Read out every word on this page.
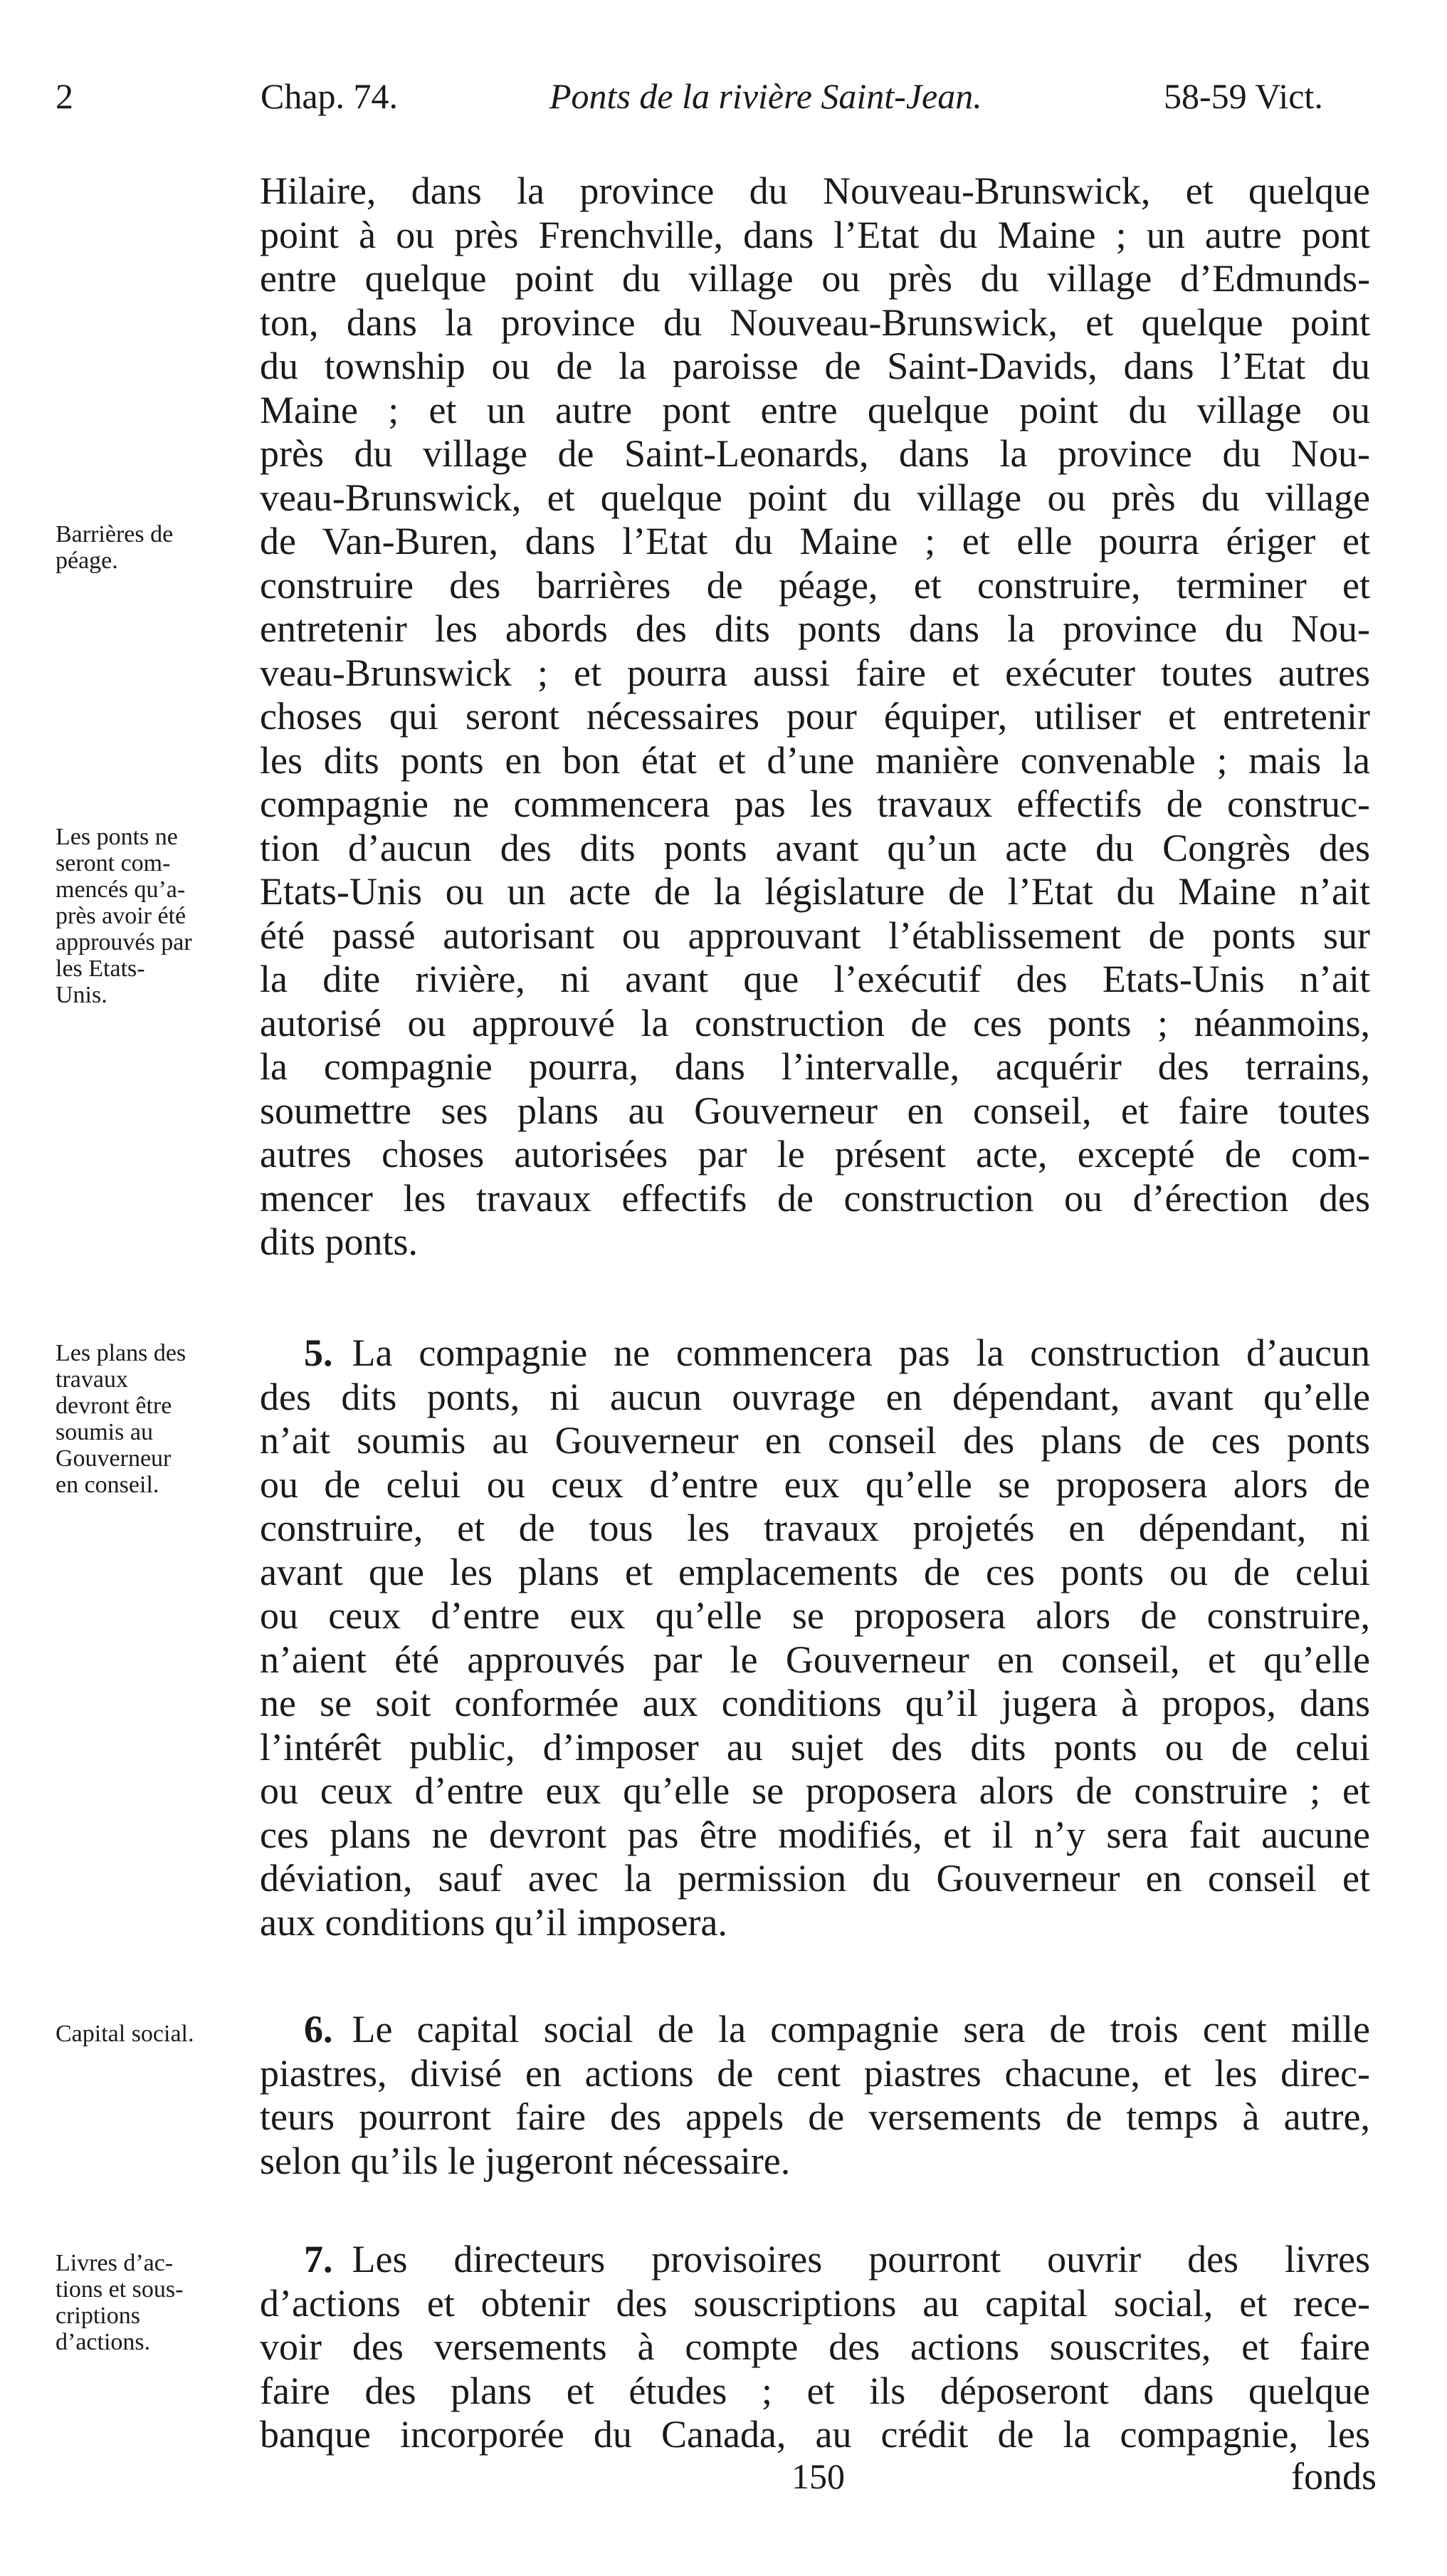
2	Chap. 74.	Ponts de la rivière Saint-Jean.	58-59 Vict.
Hilaire, dans la province du Nouveau-Brunswick, et quelque
point à ou près Frenchville, dans l’Etat du Maine ; un autre pont
entre quelque point du village ou près du village d’Edmunds-
ton, dans la province du Nouveau-Brunswick, et quelque point
du township ou de la paroisse de Saint-Davids, dans l’Etat du
Maine ; et un autre pont entre quelque point du village ou
près du village de Saint-Leonards, dans la province du Nou-
veau-Brunswick, et quelque point du village ou près du village
de Van-Buren, dans l’Etat du Maine ; et elle pourra ériger et
construire des barrières de péage, et construire, terminer et
entretenir les abords des dits ponts dans la province du Nou-
veau-Brunswick ; et pourra aussi faire et exécuter toutes autres
choses qui seront nécessaires pour équiper, utiliser et entretenir
les dits ponts en bon état et d’une manière convenable ; mais la
compagnie ne commencera pas les travaux effectifs de construc-
tion d’aucun des dits ponts avant qu’un acte du Congrès des
Etats-Unis ou un acte de la législature de l’Etat du Maine n’ait
été passé autorisant ou approuvant l’établissement de ponts sur
la dite rivière, ni avant que l’exécutif des Etats-Unis n’ait
autorisé ou approuvé la construction de ces ponts ; néanmoins,
la compagnie pourra, dans l’intervalle, acquérir des terrains,
soumettre ses plans au Gouverneur en conseil, et faire toutes
autres choses autorisées par le présent acte, excepté de com-
mencer les travaux effectifs de construction ou d’érection des
dits ponts.
5.  La compagnie ne commencera pas la construction d’aucun
des dits ponts, ni aucun ouvrage en dépendant, avant qu’elle
n’ait soumis au Gouverneur en conseil des plans de ces ponts
ou de celui ou ceux d’entre eux qu’elle se proposera alors de
construire, et de tous les travaux projetés en dépendant, ni
avant que les plans et emplacements de ces ponts ou de celui
ou ceux d’entre eux qu’elle se proposera alors de construire,
n’aient été approuvés par le Gouverneur en conseil, et qu’elle
ne se soit conformée aux conditions qu’il jugera à propos, dans
l’intérêt public, d’imposer au sujet des dits ponts ou de celui
ou ceux d’entre eux qu’elle se proposera alors de construire ; et
ces plans ne devront pas être modifiés, et il n’y sera fait aucune
déviation, sauf avec la permission du Gouverneur en conseil et
aux conditions qu’il imposera.
6.  Le capital social de la compagnie sera de trois cent mille
piastres, divisé en actions de cent piastres chacune, et les direc-
teurs pourront faire des appels de versements de temps à autre,
selon qu’ils le jugeront nécessaire.
7.  Les directeurs provisoires pourront ouvrir des livres
d’actions et obtenir des souscriptions au capital social, et rece-
voir des versements à compte des actions souscrites, et faire
faire des plans et études ; et ils déposeront dans quelque
banque incorporée du Canada, au crédit de la compagnie, les
Barrières de
péage.
Les ponts ne
seront com-
mencés qu’a-
près avoir été
approuvés par
les Etats-
Unis.
Les plans des
travaux
devront être
soumis au
Gouverneur
en conseil.
Capital social.
Livres d’ac-
tions et sous-
criptions
d’actions.
150	fonds
